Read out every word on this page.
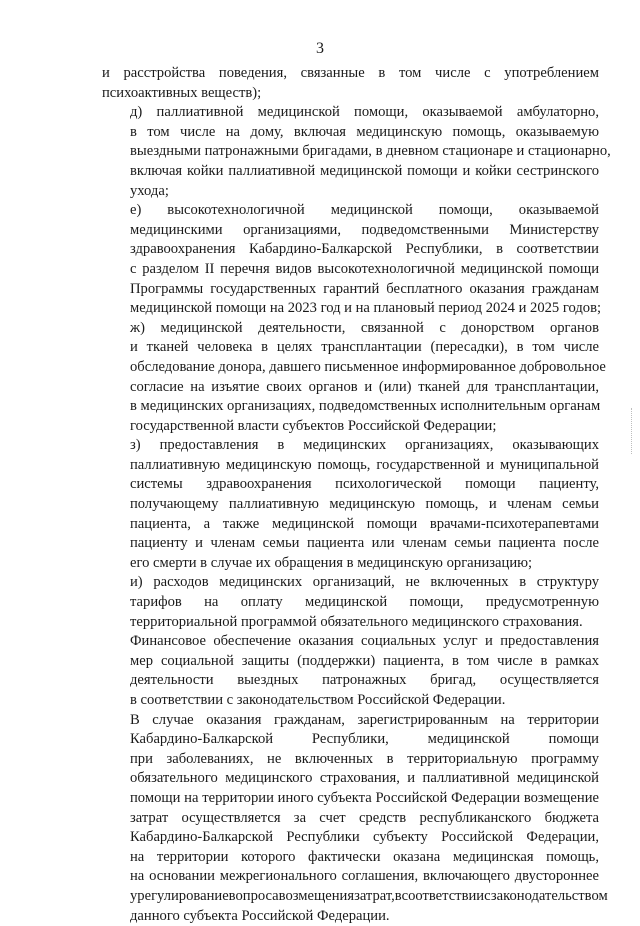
3

и расстройства поведения, связанные в том числе с употреблением
психоактивных веществ);

д) паллиативной медицинской помощи, оказываемой амбулаторно,
в том числе на дому, включая медицинскую помощь, оказываемую
выездными патронажными бригадами, в дневном стационаре и стационарно,
включая койки паллиативной медицинской помощи и койки сестринского
ухода;

е) высокотехнологичной медицинской помощи, оказываемой
медицинскими организациями, подведомственными Министерству
здравоохранения Кабардино-Балкарской Республики, в соответствии
с разделом II перечня видов высокотехнологичной медицинской помощи
Программы государственных гарантий бесплатного оказания гражданам
медицинской помощи на 2023 год и на плановый период 2024 и 2025 годов;

ж) медицинской деятельности, связанной с донорством органов
и тканей человека в целях трансплантации (пересадки), в том числе
обследование донора, давшего письменное информированное добровольное
согласие на изъятие своих органов и (или) тканей для трансплантации,
в медицинских организациях, подведомственных исполнительным органам
государственной власти субъектов Российской Федерации;

з) предоставления в медицинских организациях, оказывающих
паллиативную медицинскую помощь, государственной и муниципальной
системы здравоохранения психологической помощи пациенту,
получающему паллиативную медицинскую помощь, и членам семьи
пациента, а также медицинской помощи врачами-психотерапевтами
пациенту и членам семьи пациента или членам семьи пациента после
его смерти в случае их обращения в медицинскую организацию;

и) расходов медицинских организаций, не включенных в структуру
тарифов на оплату медицинской помощи, предусмотренную
территориальной программой обязательного медицинского страхования.

Финансовое обеспечение оказания социальных услуг и предоставления
мер социальной защиты (поддержки) пациента, в том числе в рамках
деятельности выездных патронажных бригад, осуществляется
в соответствии с законодательством Российской Федерации.

В случае оказания гражданам, зарегистрированным на территории
Кабардино-Балкарской Республики, медицинской помощи
при заболеваниях, не включенных в территориальную программу
обязательного медицинского страхования, и паллиативной медицинской
помощи на территории иного субъекта Российской Федерации возмещение
затрат осуществляется за счет средств республиканского бюджета
Кабардино-Балкарской Республики субъекту Российской Федерации,
на территории которого фактически оказана медицинская помощь,
на основании межрегионального соглашения, включающего двустороннее
урегулированиевопросавозмещениязатрат,всоответствиисзаконодательством
данного субъекта Российской Федерации.
